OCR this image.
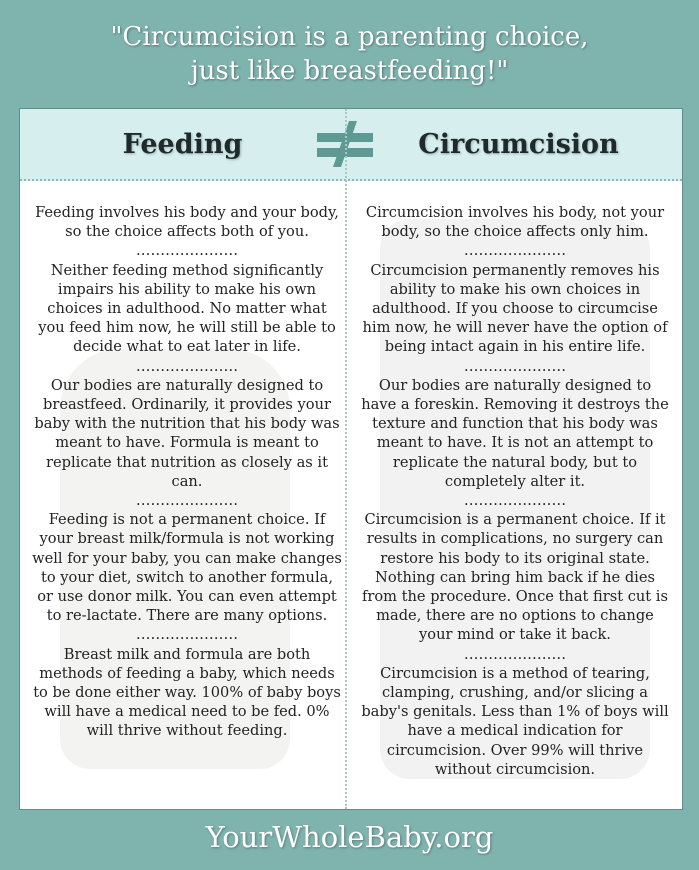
"Circumcision is a parenting choice,
just like breastfeeding!"
Feeding	Circumcision

Feeding involves his body and your body, so the choice affects both of you.

…………………

Neither feeding method significantly impairs his ability to make his own choices in adulthood. No matter what you feed him now, he will still be able to decide what to eat later in life.

…………………

Our bodies are naturally designed to breastfeed. Ordinarily, it provides your baby with the nutrition that his body was meant to have. Formula is meant to replicate that nutrition as closely as it can.

…………………

Feeding is not a permanent choice. If your breast milk/formula is not working well for your baby, you can make changes to your diet, switch to another formula, or use donor milk. You can even attempt to re-lactate. There are many options.

…………………

Breast milk and formula are both methods of feeding a baby, which needs to be done either way. 100% of baby boys will have a medical need to be fed. 0% will thrive without feeding.

Circumcision involves his body, not your body, so the choice affects only him.

…………………

Circumcision permanently removes his ability to make his own choices in adulthood. If you choose to circumcise him now, he will never have the option of being intact again in his entire life.

…………………

Our bodies are naturally designed to have a foreskin. Removing it destroys the texture and function that his body was meant to have. It is not an attempt to replicate the natural body, but to completely alter it.

…………………

Circumcision is a permanent choice. If it results in complications, no surgery can restore his body to its original state. Nothing can bring him back if he dies from the procedure. Once that first cut is made, there are no options to change your mind or take it back.

…………………

Circumcision is a method of tearing, clamping, crushing, and/or slicing a baby's genitals. Less than 1% of boys will have a medical indication for circumcision. Over 99% will thrive without circumcision.

YourWholeBaby.org
